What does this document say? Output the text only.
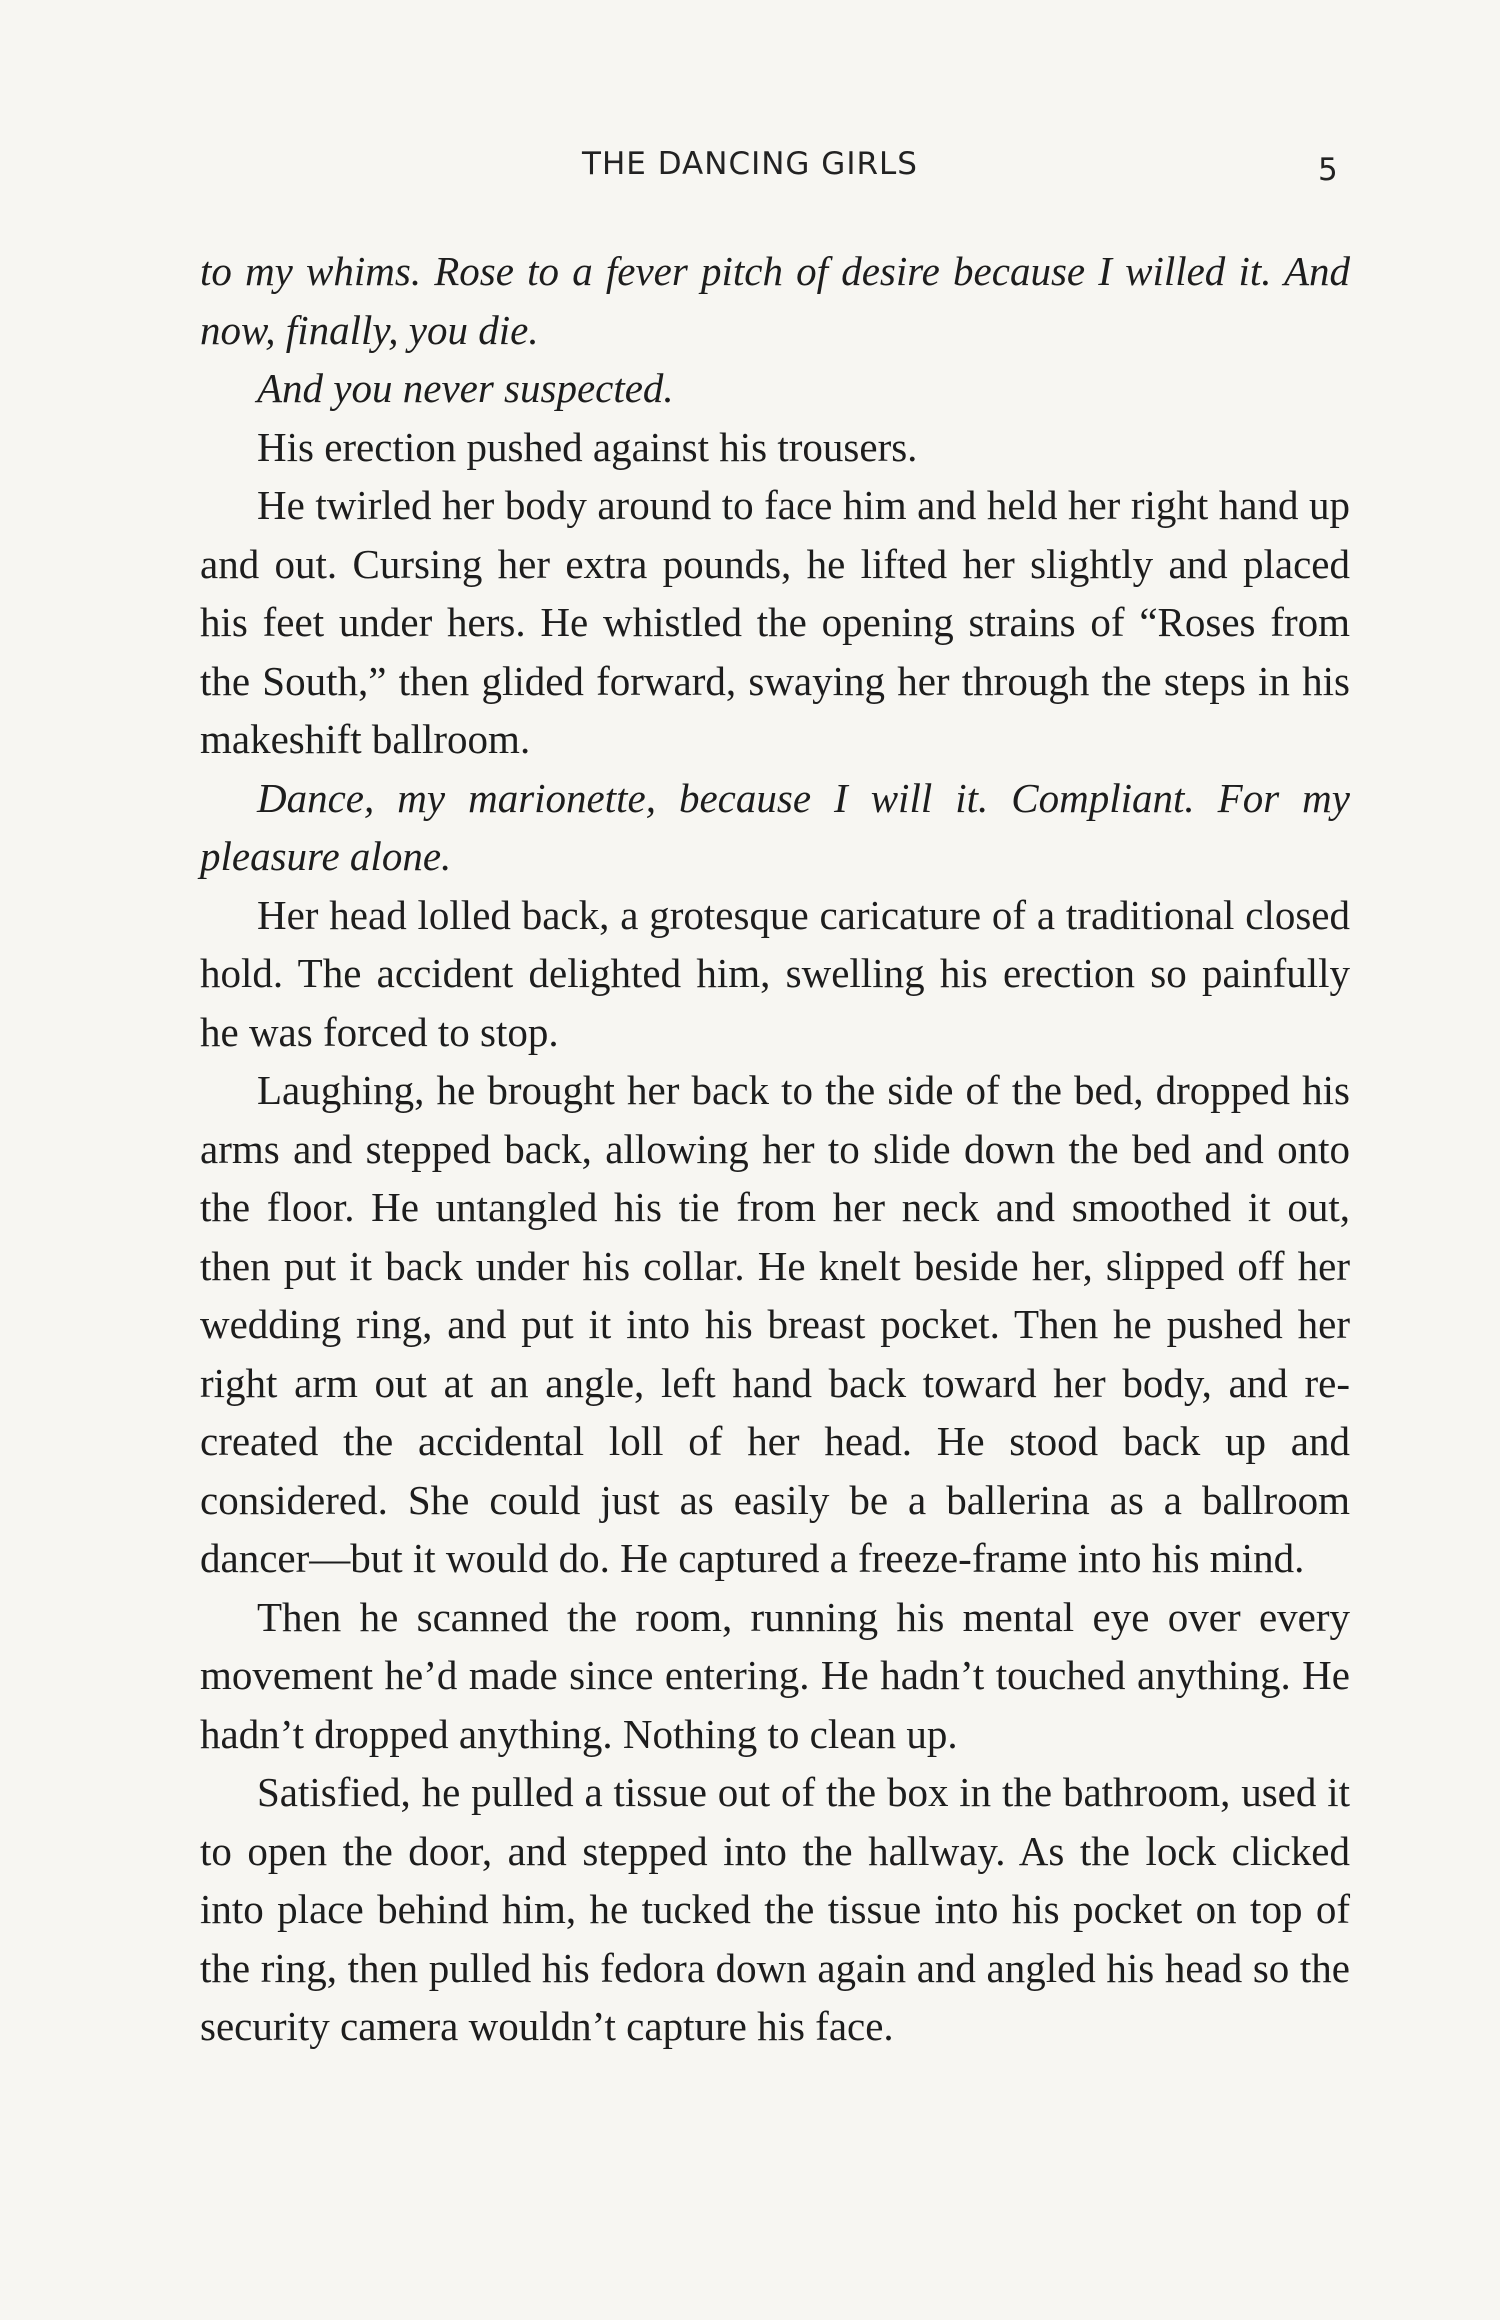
THE DANCING GIRLS	5

to my whims. Rose to a fever pitch of desire because I willed it. And now, finally, you die.

And you never suspected.

His erection pushed against his trousers.

He twirled her body around to face him and held her right hand up and out. Cursing her extra pounds, he lifted her slightly and placed his feet under hers. He whistled the opening strains of “Roses from the South,” then glided forward, swaying her through the steps in his makeshift ballroom.

Dance, my marionette, because I will it. Compliant. For my pleasure alone.

Her head lolled back, a grotesque caricature of a traditional closed hold. The accident delighted him, swelling his erection so painfully he was forced to stop.

Laughing, he brought her back to the side of the bed, dropped his arms and stepped back, allowing her to slide down the bed and onto the floor. He untangled his tie from her neck and smoothed it out, then put it back under his collar. He knelt beside her, slipped off her wedding ring, and put it into his breast pocket. Then he pushed her right arm out at an angle, left hand back toward her body, and re-created the accidental loll of her head. He stood back up and considered. She could just as easily be a ballerina as a ballroom dancer—but it would do. He captured a freeze-frame into his mind.

Then he scanned the room, running his mental eye over every movement he’d made since entering. He hadn’t touched anything. He hadn’t dropped anything. Nothing to clean up.

Satisfied, he pulled a tissue out of the box in the bathroom, used it to open the door, and stepped into the hallway. As the lock clicked into place behind him, he tucked the tissue into his pocket on top of the ring, then pulled his fedora down again and angled his head so the security camera wouldn’t capture his face.
